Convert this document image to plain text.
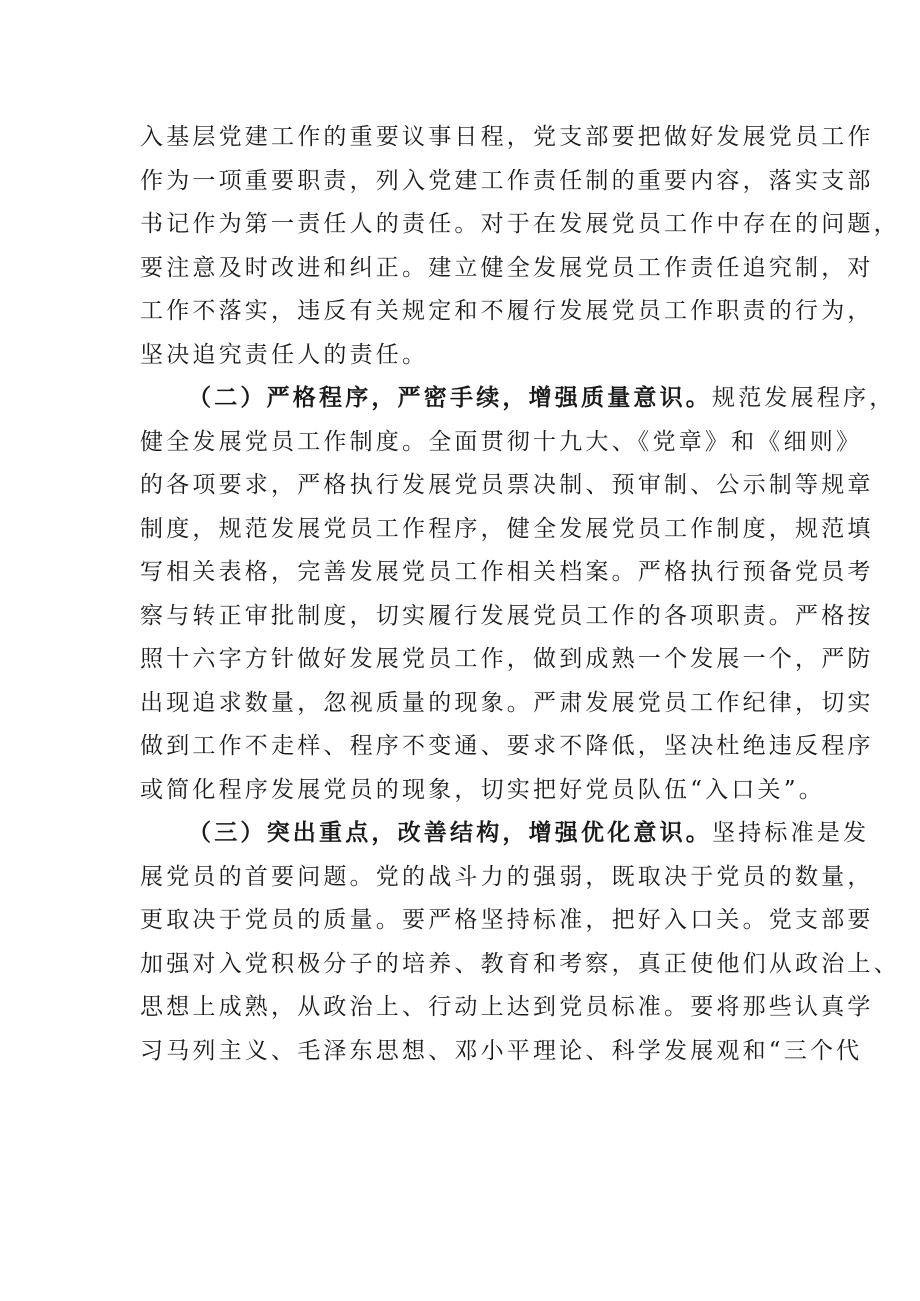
入基层党建工作的重要议事日程，党支部要把做好发展党员工作
作为一项重要职责，列入党建工作责任制的重要内容，落实支部
书记作为第一责任人的责任。对于在发展党员工作中存在的问题，
要注意及时改进和纠正。建立健全发展党员工作责任追究制，对
工作不落实，违反有关规定和不履行发展党员工作职责的行为，
坚决追究责任人的责任。
（二）严格程序，严密手续，增强质量意识。规范发展程序，
健全发展党员工作制度。全面贯彻十九大、《党章》和《细则》
的各项要求，严格执行发展党员票决制、预审制、公示制等规章
制度，规范发展党员工作程序，健全发展党员工作制度，规范填
写相关表格，完善发展党员工作相关档案。严格执行预备党员考
察与转正审批制度，切实履行发展党员工作的各项职责。严格按
照十六字方针做好发展党员工作，做到成熟一个发展一个，严防
出现追求数量，忽视质量的现象。严肃发展党员工作纪律，切实
做到工作不走样、程序不变通、要求不降低，坚决杜绝违反程序
或简化程序发展党员的现象，切实把好党员队伍“入口关”。
（三）突出重点，改善结构，增强优化意识。坚持标准是发
展党员的首要问题。党的战斗力的强弱，既取决于党员的数量，
更取决于党员的质量。要严格坚持标准，把好入口关。党支部要
加强对入党积极分子的培养、教育和考察，真正使他们从政治上、
思想上成熟，从政治上、行动上达到党员标准。要将那些认真学
习马列主义、毛泽东思想、邓小平理论、科学发展观和“三个代
